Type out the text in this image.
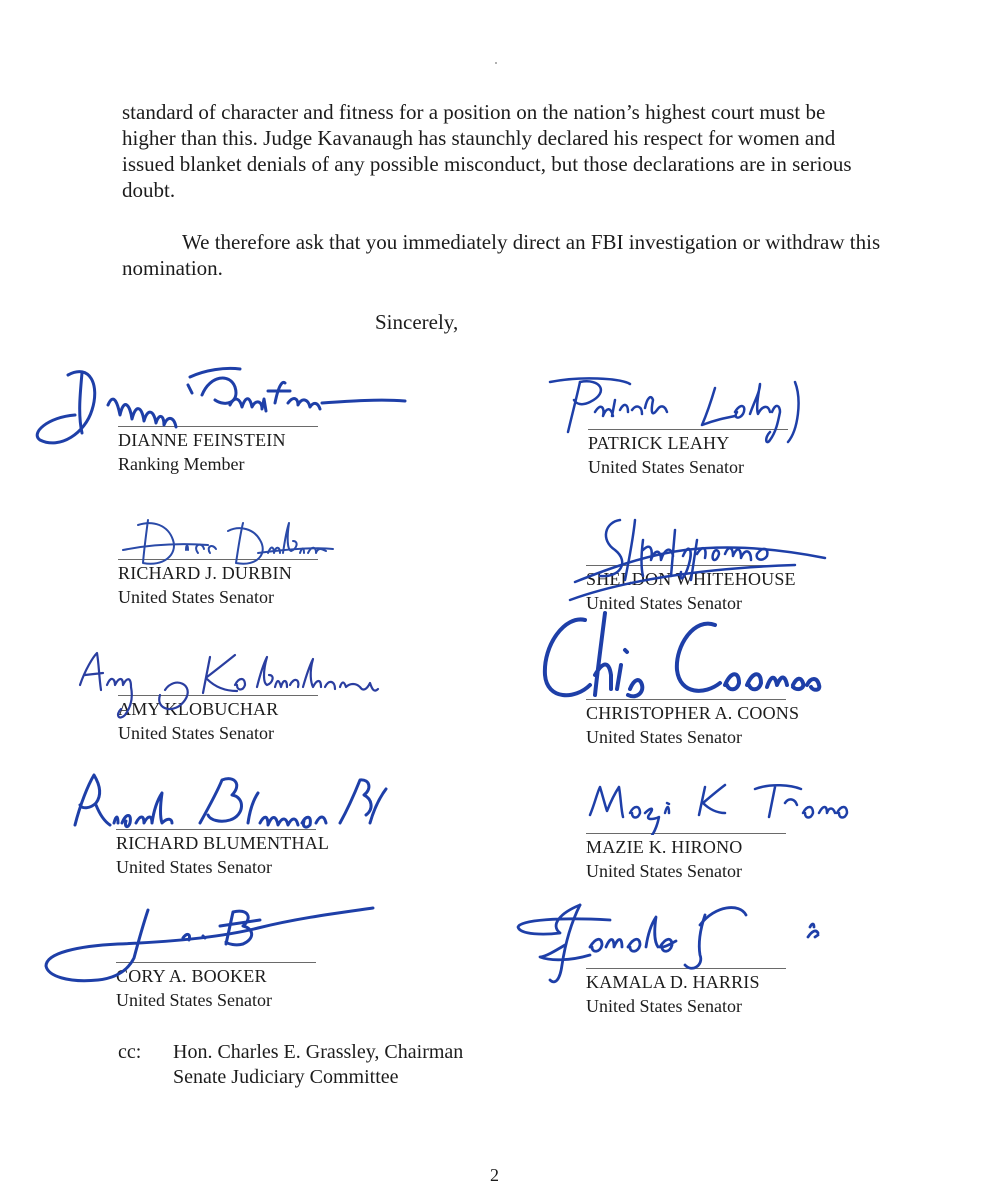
standard of character and fitness for a position on the nation’s highest court must be higher than this. Judge Kavanaugh has staunchly declared his respect for women and issued blanket denials of any possible misconduct, but those declarations are in serious doubt.

We therefore ask that you immediately direct an FBI investigation or withdraw this nomination.

Sincerely,
DIANNE FEINSTEIN
Ranking Member
RICHARD J. DURBIN
United States Senator
AMY KLOBUCHAR
United States Senator
RICHARD BLUMENTHAL
United States Senator
CORY A. BOOKER
United States Senator
PATRICK LEAHY
United States Senator
SHELDON WHITEHOUSE
United States Senator
CHRISTOPHER A. COONS
United States Senator
MAZIE K. HIRONO
United States Senator
KAMALA D. HARRIS
United States Senator
cc: Hon. Charles E. Grassley, Chairman
Senate Judiciary Committee
2
